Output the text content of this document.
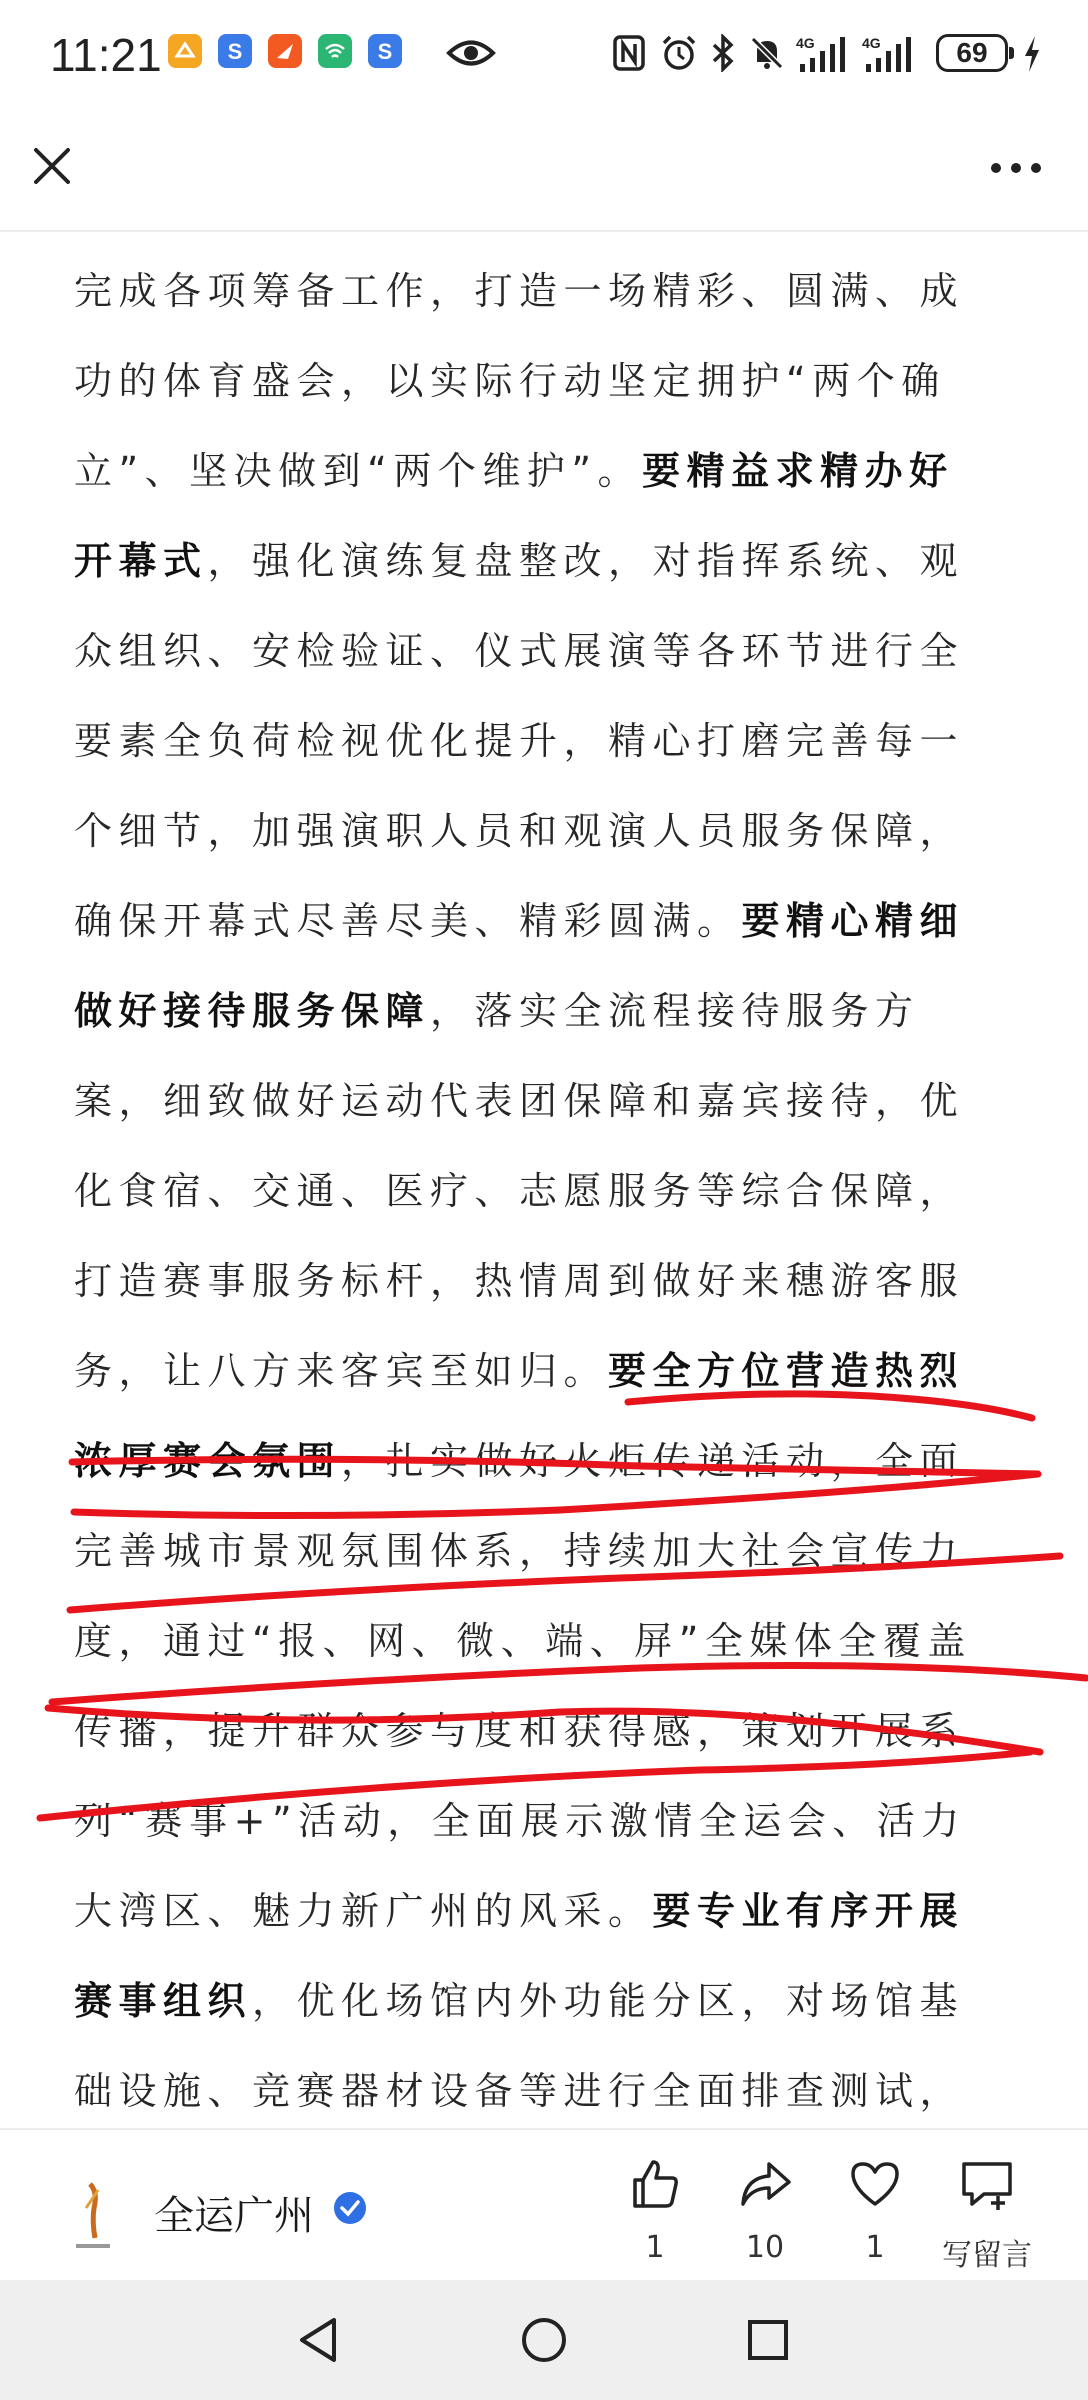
11:21	S	S	4G	4G	69
完成各项筹备工作，打造一场精彩、圆满、成
功的体育盛会，以实际行动坚定拥护“两个确
立”、坚决做到“两个维护”。要精益求精办好
开幕式，强化演练复盘整改，对指挥系统、观
众组织、安检验证、仪式展演等各环节进行全
要素全负荷检视优化提升，精心打磨完善每一
个细节，加强演职人员和观演人员服务保障，
确保开幕式尽善尽美、精彩圆满。要精心精细
做好接待服务保障，落实全流程接待服务方
案，细致做好运动代表团保障和嘉宾接待，优
化食宿、交通、医疗、志愿服务等综合保障，
打造赛事服务标杆，热情周到做好来穗游客服
务，让八方来客宾至如归。要全方位营造热烈
浓厚赛会氛围，扎实做好火炬传递活动，全面
完善城市景观氛围体系，持续加大社会宣传力
度，通过“报、网、微、端、屏”全媒体全覆盖
传播，提升群众参与度和获得感，策划开展系
列“赛事+”活动，全面展示激情全运会、活力
大湾区、魅力新广州的风采。要专业有序开展
赛事组织，优化场馆内外功能分区，对场馆基
础设施、竞赛器材设备等进行全面排查测试，
全运广州
1	10	1	写留言
